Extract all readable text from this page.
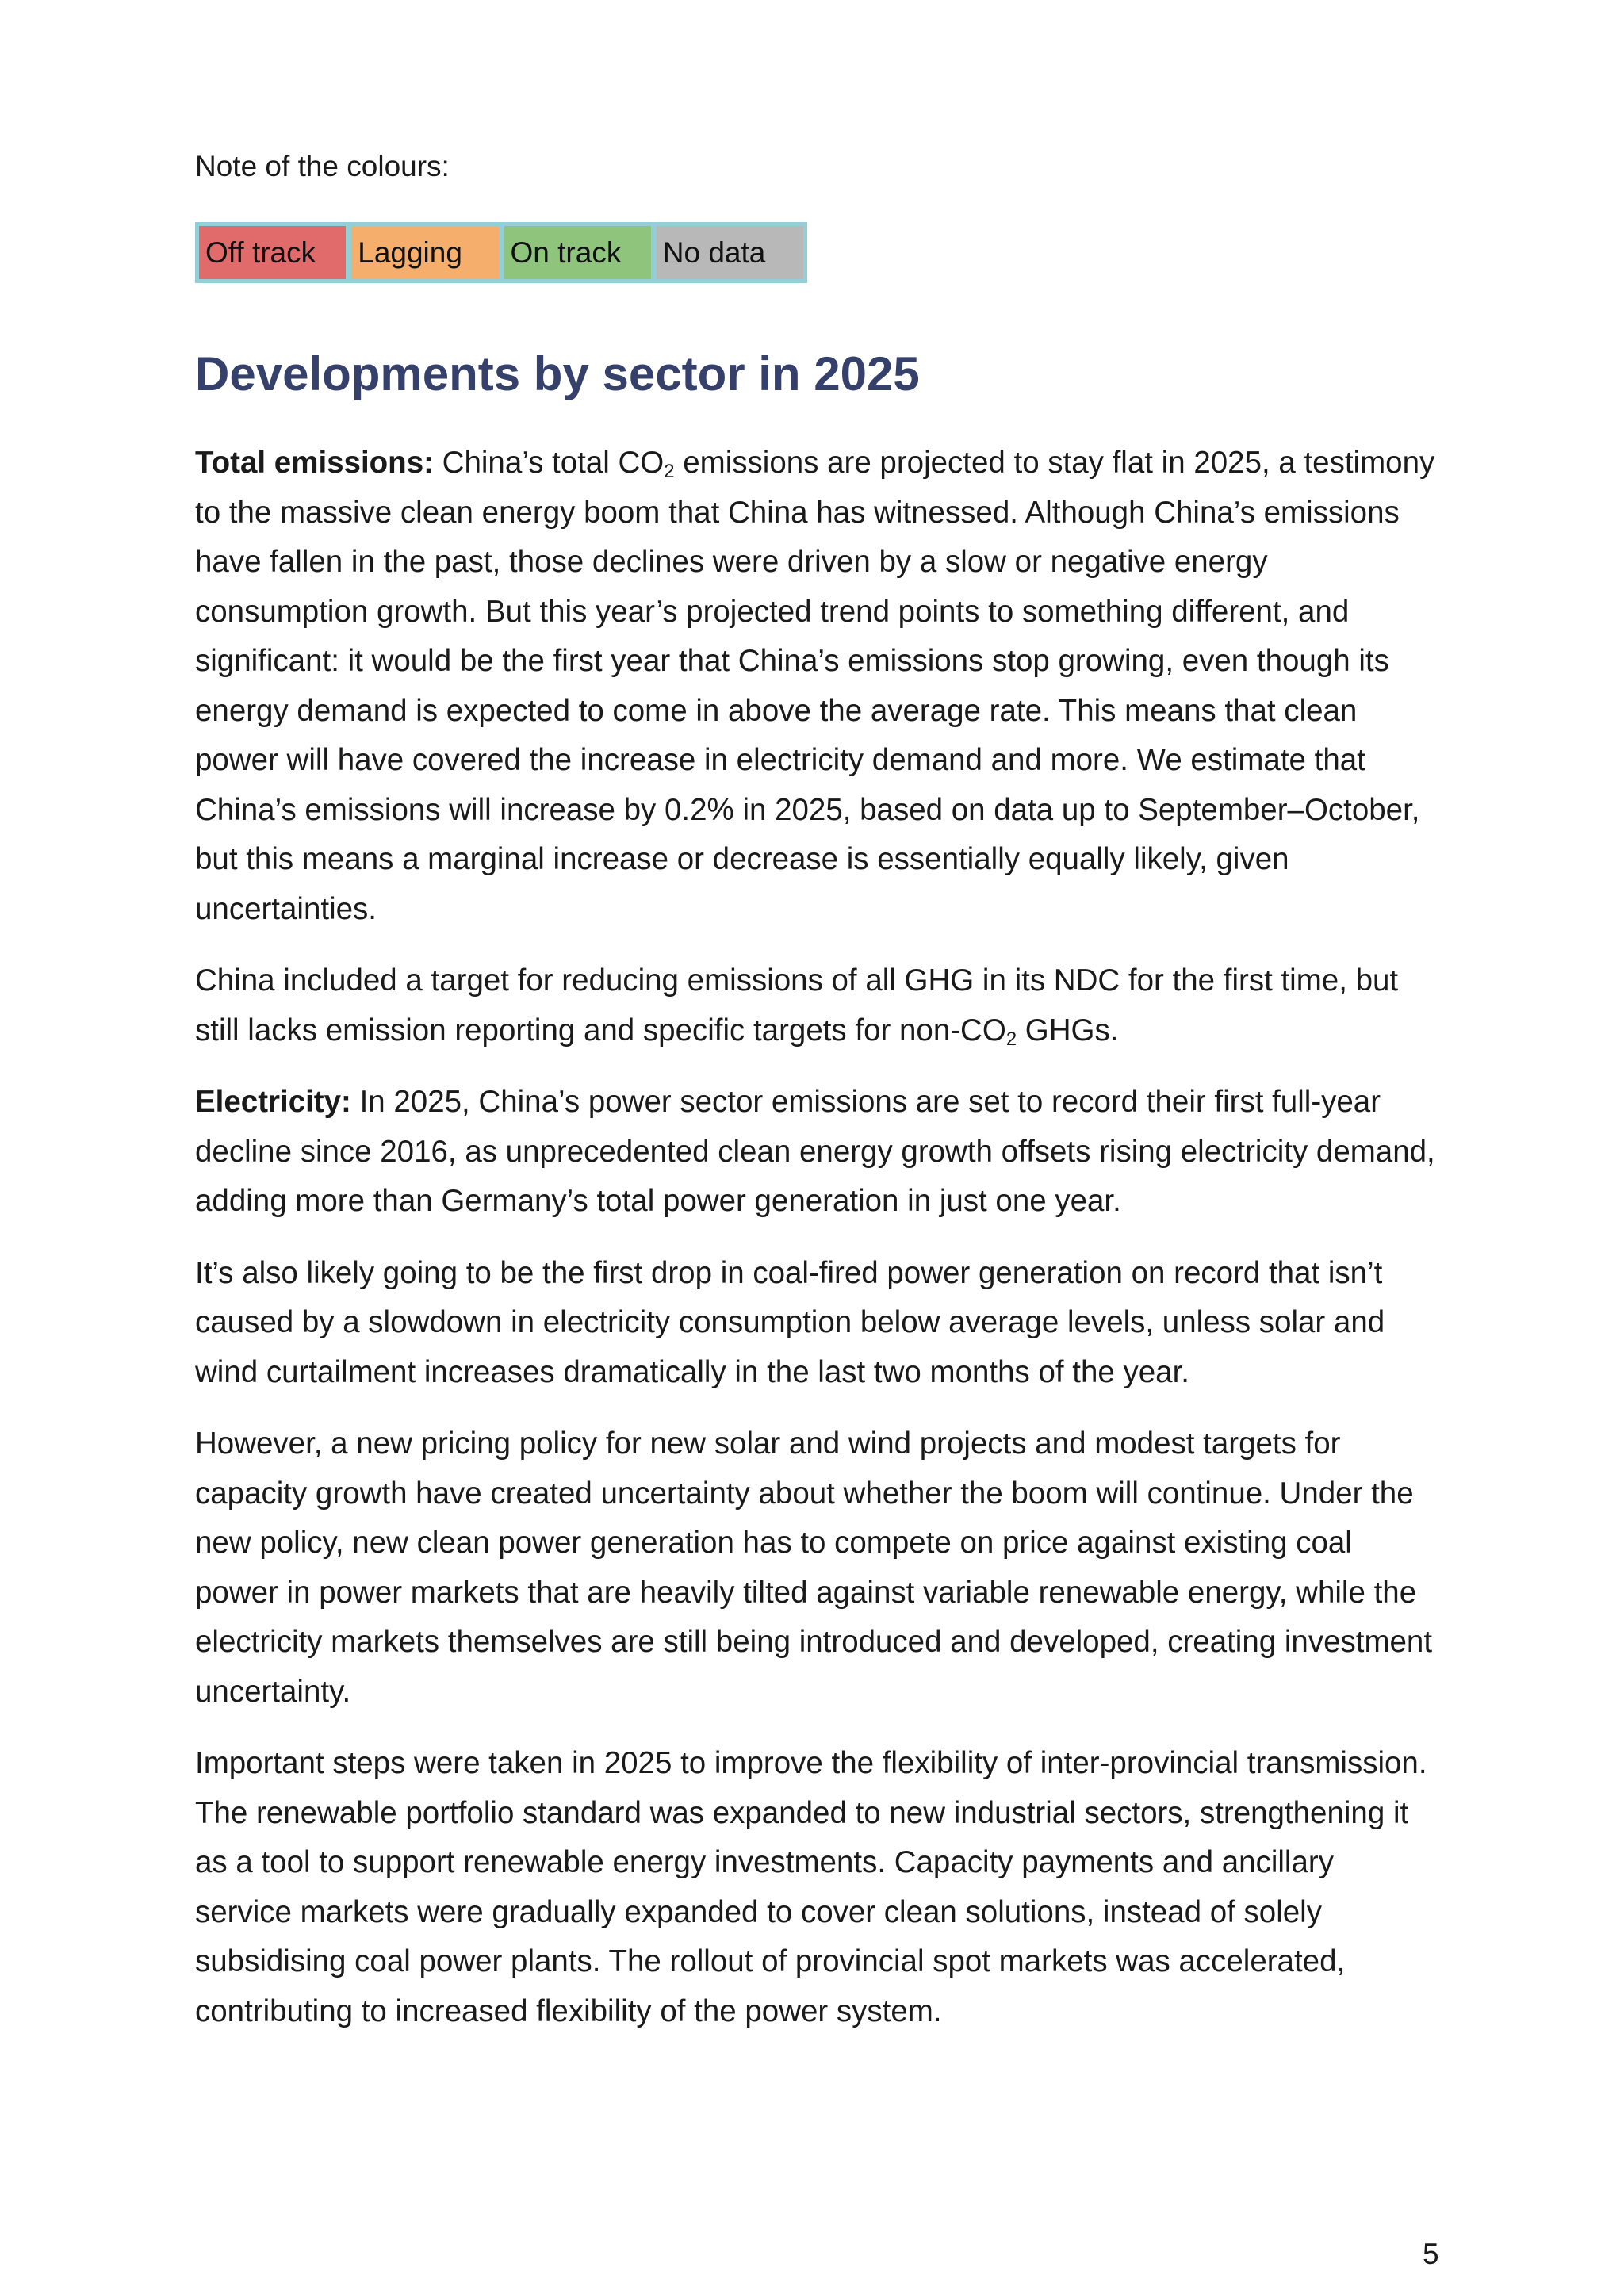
Note of the colours:

Off track	Lagging	On track	No data
Developments by sector in 2025

Total emissions: China’s total $CO_2$ emissions are projected to stay flat in 2025, a testimony to the massive clean energy boom that China has witnessed. Although China’s emissions have fallen in the past, those declines were driven by a slow or negative energy consumption growth. But this year’s projected trend points to something different, and significant: it would be the first year that China’s emissions stop growing, even though its energy demand is expected to come in above the average rate. This means that clean power will have covered the increase in electricity demand and more. We estimate that China’s emissions will increase by 0.2% in 2025, based on data up to September–October, but this means a marginal increase or decrease is essentially equally likely, given uncertainties.

China included a target for reducing emissions of all GHG in its NDC for the first time, but still lacks emission reporting and specific targets for non-$CO_2$ GHGs.

Electricity: In 2025, China’s power sector emissions are set to record their first full-year decline since 2016, as unprecedented clean energy growth offsets rising electricity demand, adding more than Germany’s total power generation in just one year.

It’s also likely going to be the first drop in coal-fired power generation on record that isn’t caused by a slowdown in electricity consumption below average levels, unless solar and wind curtailment increases dramatically in the last two months of the year.

However, a new pricing policy for new solar and wind projects and modest targets for capacity growth have created uncertainty about whether the boom will continue. Under the new policy, new clean power generation has to compete on price against existing coal power in power markets that are heavily tilted against variable renewable energy, while the electricity markets themselves are still being introduced and developed, creating investment uncertainty.

Important steps were taken in 2025 to improve the flexibility of inter-provincial transmission. The renewable portfolio standard was expanded to new industrial sectors, strengthening it as a tool to support renewable energy investments. Capacity payments and ancillary service markets were gradually expanded to cover clean solutions, instead of solely subsidising coal power plants. The rollout of provincial spot markets was accelerated, contributing to increased flexibility of the power system.

5
